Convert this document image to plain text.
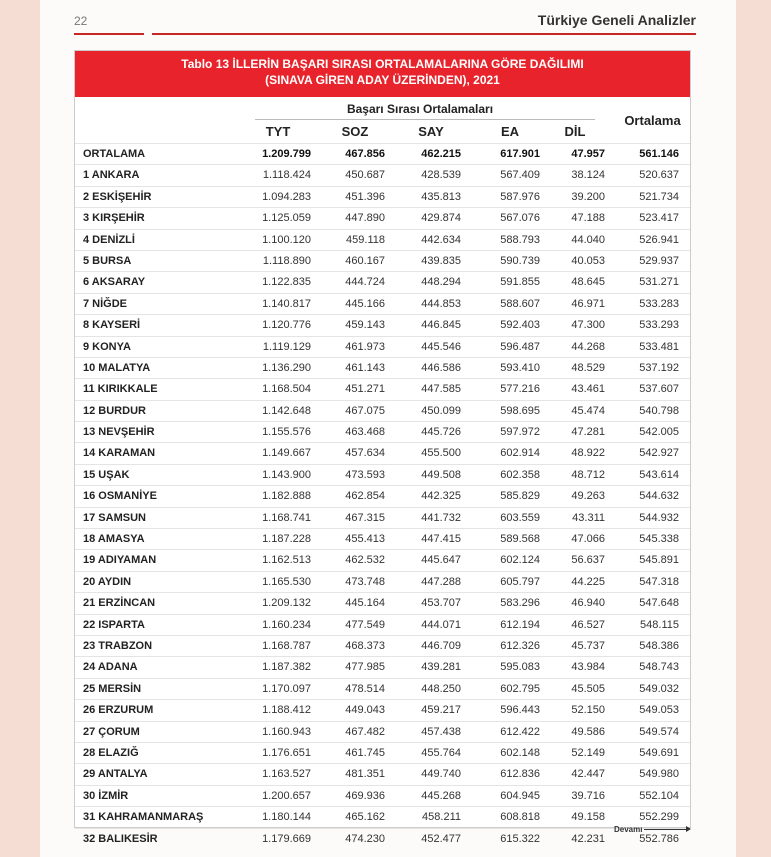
22	Türkiye Geneli Analizler
Tablo 13 İLLERİN BAŞARI SIRASI ORTALAMALARINA GÖRE DAĞILIMI
(SINAVA GİREN ADAY ÜZERİNDEN), 2021
Başarı Sırası Ortalamaları
Ortalama
TYT	SOZ	SAY	EA	DİL
ORTALAMA	1.209.799	467.856	462.215	617.901	47.957	561.146
1 ANKARA	1.118.424	450.687	428.539	567.409	38.124	520.637
2 ESKİŞEHİR	1.094.283	451.396	435.813	587.976	39.200	521.734
3 KIRŞEHİR	1.125.059	447.890	429.874	567.076	47.188	523.417
4 DENİZLİ	1.100.120	459.118	442.634	588.793	44.040	526.941
5 BURSA	1.118.890	460.167	439.835	590.739	40.053	529.937
6 AKSARAY	1.122.835	444.724	448.294	591.855	48.645	531.271
7 NİĞDE	1.140.817	445.166	444.853	588.607	46.971	533.283
8 KAYSERİ	1.120.776	459.143	446.845	592.403	47.300	533.293
9 KONYA	1.119.129	461.973	445.546	596.487	44.268	533.481
10 MALATYA	1.136.290	461.143	446.586	593.410	48.529	537.192
11 KIRIKKALE	1.168.504	451.271	447.585	577.216	43.461	537.607
12 BURDUR	1.142.648	467.075	450.099	598.695	45.474	540.798
13 NEVŞEHİR	1.155.576	463.468	445.726	597.972	47.281	542.005
14 KARAMAN	1.149.667	457.634	455.500	602.914	48.922	542.927
15 UŞAK	1.143.900	473.593	449.508	602.358	48.712	543.614
16 OSMANİYE	1.182.888	462.854	442.325	585.829	49.263	544.632
17 SAMSUN	1.168.741	467.315	441.732	603.559	43.311	544.932
18 AMASYA	1.187.228	455.413	447.415	589.568	47.066	545.338
19 ADIYAMAN	1.162.513	462.532	445.647	602.124	56.637	545.891
20 AYDIN	1.165.530	473.748	447.288	605.797	44.225	547.318
21 ERZİNCAN	1.209.132	445.164	453.707	583.296	46.940	547.648
22 ISPARTA	1.160.234	477.549	444.071	612.194	46.527	548.115
23 TRABZON	1.168.787	468.373	446.709	612.326	45.737	548.386
24 ADANA	1.187.382	477.985	439.281	595.083	43.984	548.743
25 MERSİN	1.170.097	478.514	448.250	602.795	45.505	549.032
26 ERZURUM	1.188.412	449.043	459.217	596.443	52.150	549.053
27 ÇORUM	1.160.943	467.482	457.438	612.422	49.586	549.574
28 ELAZIĞ	1.176.651	461.745	455.764	602.148	52.149	549.691
29 ANTALYA	1.163.527	481.351	449.740	612.836	42.447	549.980
30 İZMİR	1.200.657	469.936	445.268	604.945	39.716	552.104
31 KAHRAMANMARAŞ	1.180.144	465.162	458.211	608.818	49.158	552.299
32 BALIKESİR	1.179.669	474.230	452.477	615.322	42.231	552.786
Devamı
